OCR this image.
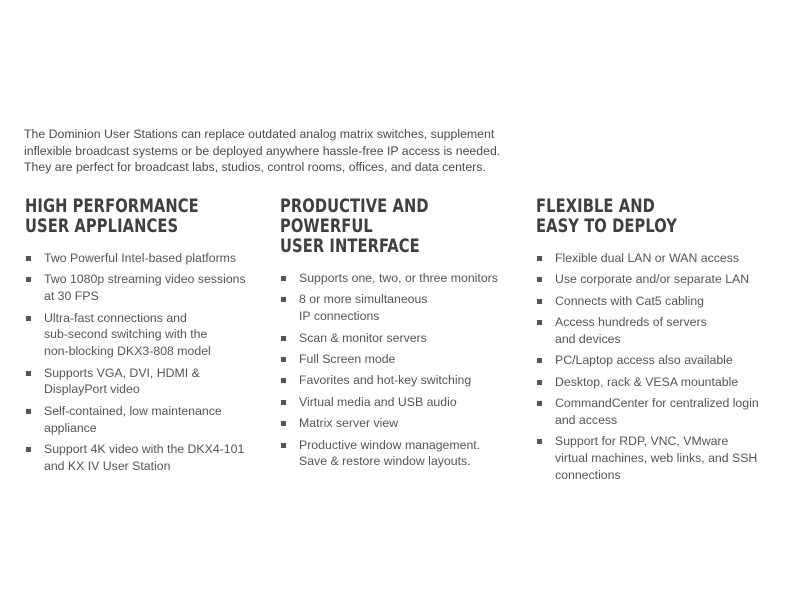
The Dominion User Stations can replace outdated analog matrix switches, supplement

inflexible broadcast systems or be deployed anywhere hassle-free IP access is needed.

They are perfect for broadcast labs, studios, control rooms, offices, and data centers.

HIGH PERFORMANCE
USER APPLIANCES
Two Powerful Intel-based platforms
Two 1080p streaming video sessions
at 30 FPS
Ultra-fast connections and
sub-second switching with the
non-blocking DKX3-808 model
Supports VGA, DVI, HDMI &
DisplayPort video
Self-contained, low maintenance
appliance
Support 4K video with the DKX4-101
and KX IV User Station
PRODUCTIVE AND POWERFUL
USER INTERFACE
Supports one, two, or three monitors
8 or more simultaneous
IP connections
Scan & monitor servers
Full Screen mode
Favorites and hot-key switching
Virtual media and USB audio
Matrix server view
Productive window management.
Save & restore window layouts.
FLEXIBLE AND
EASY TO DEPLOY
Flexible dual LAN or WAN access
Use corporate and/or separate LAN
Connects with Cat5 cabling
Access hundreds of servers
and devices
PC/Laptop access also available
Desktop, rack & VESA mountable
CommandCenter for centralized login
and access
Support for RDP, VNC, VMware
virtual machines, web links, and SSH
connections
